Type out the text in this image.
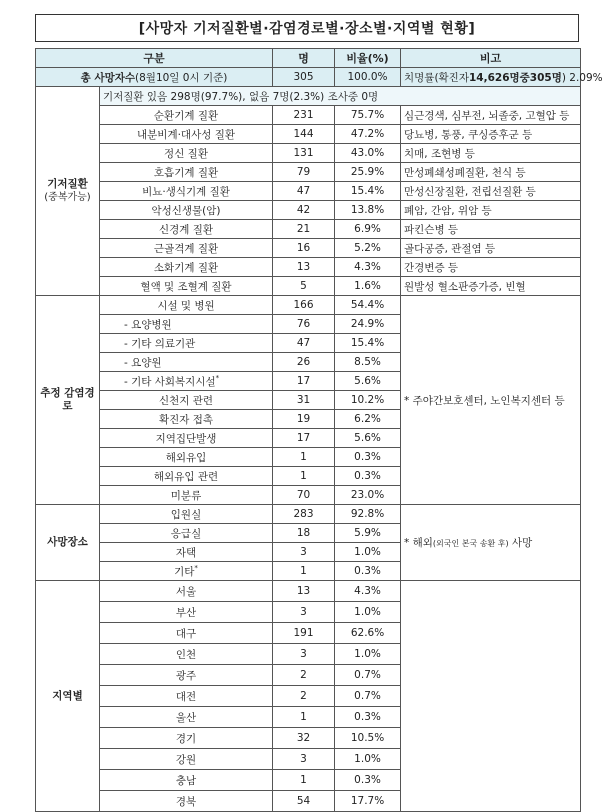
[사망자 기저질환별·감염경로별·장소별·지역별 현황]
구분		명	비율(%)	비고
총 사망자수(8월10일 0시 기준)		305	100.0%	치명률(확진자14,626명중305명) 2.09%

기저질환
(중복가능)	기저질환 있음 298명(97.7%), 없음 7명(2.3%) 조사중 0명			
	순환기계 질환	231	75.7%	심근경색, 심부전, 뇌졸중, 고혈압 등
	내분비계·대사성 질환	144	47.2%	당뇨병, 통풍, 쿠싱증후군 등
	정신 질환	131	43.0%	치매, 조현병 등
	호흡기계 질환	79	25.9%	만성폐쇄성폐질환, 천식 등
	비뇨·생식기계 질환	47	15.4%	만성신장질환, 전립선질환 등
	악성신생물(암)	42	13.8%	폐암, 간암, 위암 등
	신경계 질환	21	6.9%	파킨슨병 등
	근골격계 질환	16	5.2%	골다공증, 관절염 등
	소화기계 질환	13	4.3%	간경변증 등
	혈액 및 조혈계 질환	5	1.6%	원발성 혈소판증가증, 빈혈
추정 감염경로	시설 및 병원	166	54.4%	* 주야간보호센터, 노인복지센터 등
	- 요양병원	76	24.9%	
	- 기타 의료기관	47	15.4%	
	- 요양원	26	8.5%	
	- 기타 사회복지시설*	17	5.6%	
	신천지 관련	31	10.2%	
	확진자 접촉	19	6.2%	
	지역집단발생	17	5.6%	
	해외유입	1	0.3%	
	해외유입 관련	1	0.3%	
	미분류	70	23.0%	
사망장소	입원실	283	92.8%	* 해외(외국인 본국 송환 후) 사망
	응급실	18	5.9%	
	자택	3	1.0%	
	기타*	1	0.3%	
지역별	서울	13	4.3%	
	부산	3	1.0%	
	대구	191	62.6%	
	인천	3	1.0%	
	광주	2	0.7%	
	대전	2	0.7%	
	울산	1	0.3%	
	경기	32	10.5%	
	강원	3	1.0%	
	충남	1	0.3%	
	경북	54	17.7%	
